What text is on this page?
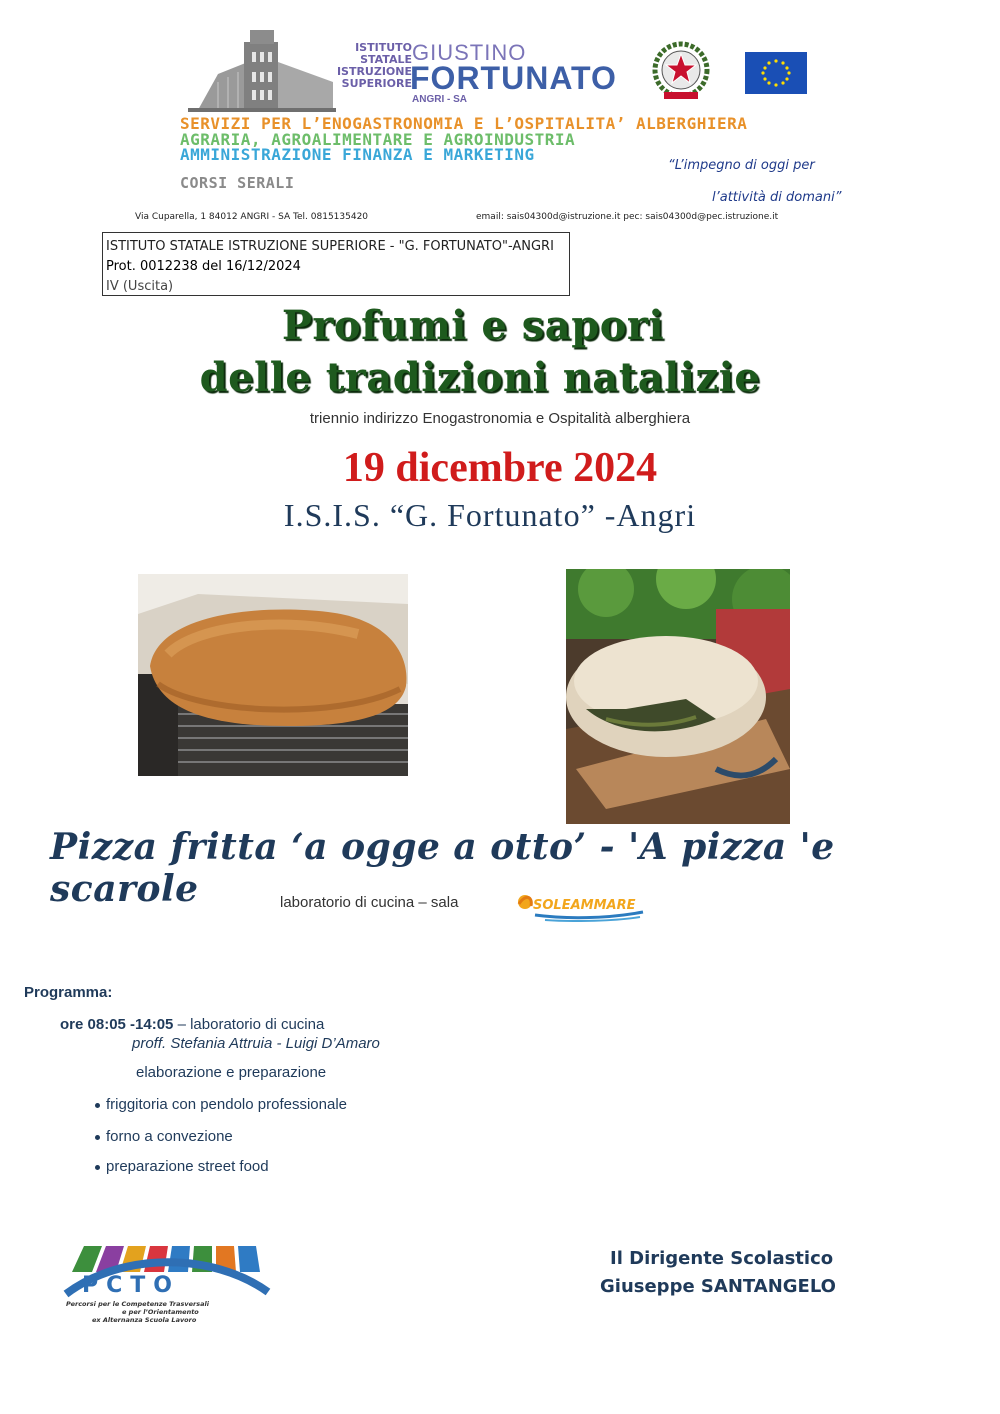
ISTITUTO
STATALE
ISTRUZIONE
SUPERIORE
GIUSTINO
FORTUNATO
ANGRI - SA
SERVIZI PER L’ENOGASTRONOMIA E L’OSPITALITA’ ALBERGHIERA
AGRARIA, AGROALIMENTARE E AGROINDUSTRIA
AMMINISTRAZIONE FINANZA E MARKETING
CORSI SERALI
“L’impegno di oggi per
l’attività di domani”
Via Cuparella, 1 84012 ANGRI - SA Tel. 0815135420	email: sais04300d@istruzione.it pec: sais04300d@pec.istruzione.it
ISTITUTO STATALE ISTRUZIONE SUPERIORE - "G. FORTUNATO"-ANGRI
Prot. 0012238 del 16/12/2024
IV (Uscita)
Profumi e sapori
delle tradizioni natalizie
triennio indirizzo Enogastronomia e Ospitalità alberghiera
19 dicembre 2024
I.S.I.S. “G. Fortunato” -Angri
Pizza fritta ‘a ogge a otto’ - 'A pizza 'e scarole	laboratorio di cucina – sala	SOLEAMMARE
Programma:
ore 08:05 -14:05 – laboratorio di cucina
proff. Stefania Attruia - Luigi D’Amaro
elaborazione e preparazione
friggitoria con pendolo professionale
forno a convezione
preparazione street food
PCTO
Percorsi per le Competenze Trasversali
e per l’Orientamento
ex Alternanza Scuola Lavoro
Il Dirigente Scolastico
Giuseppe SANTANGELO
